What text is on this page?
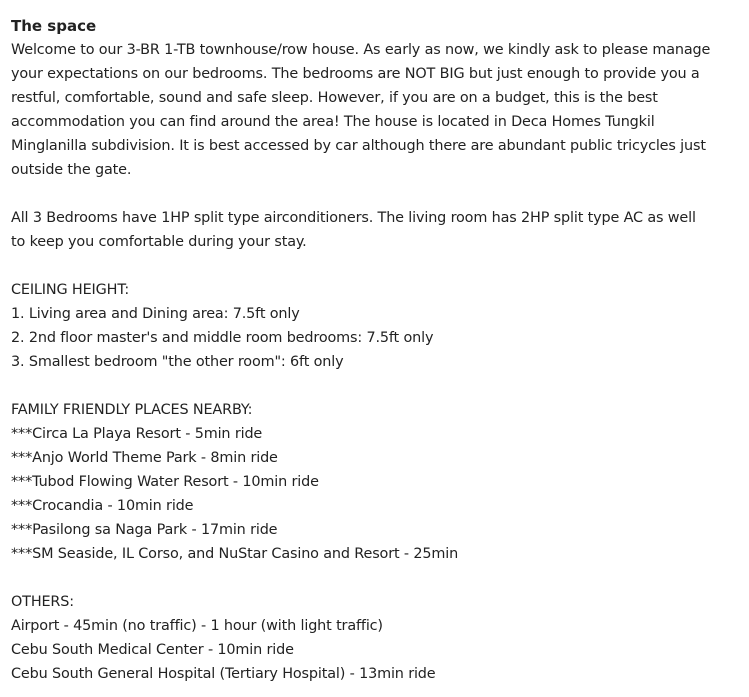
The space
Welcome to our 3-BR 1-TB townhouse/row house. As early as now, we kindly ask to please manage
your expectations on our bedrooms. The bedrooms are NOT BIG but just enough to provide you a
restful, comfortable, sound and safe sleep. However, if you are on a budget, this is the best
accommodation you can find around the area! The house is located in Deca Homes Tungkil
Minglanilla subdivision. It is best accessed by car although there are abundant public tricycles just
outside the gate.
All 3 Bedrooms have 1HP split type airconditioners. The living room has 2HP split type AC as well
to keep you comfortable during your stay.
CEILING HEIGHT:
1. Living area and Dining area: 7.5ft only
2. 2nd floor master's and middle room bedrooms: 7.5ft only
3. Smallest bedroom "the other room": 6ft only
FAMILY FRIENDLY PLACES NEARBY:
***Circa La Playa Resort - 5min ride
***Anjo World Theme Park - 8min ride
***Tubod Flowing Water Resort - 10min ride
***Crocandia - 10min ride
***Pasilong sa Naga Park - 17min ride
***SM Seaside, IL Corso, and NuStar Casino and Resort - 25min
OTHERS:
Airport - 45min (no traffic) - 1 hour (with light traffic)
Cebu South Medical Center - 10min ride
Cebu South General Hospital (Tertiary Hospital) - 13min ride
